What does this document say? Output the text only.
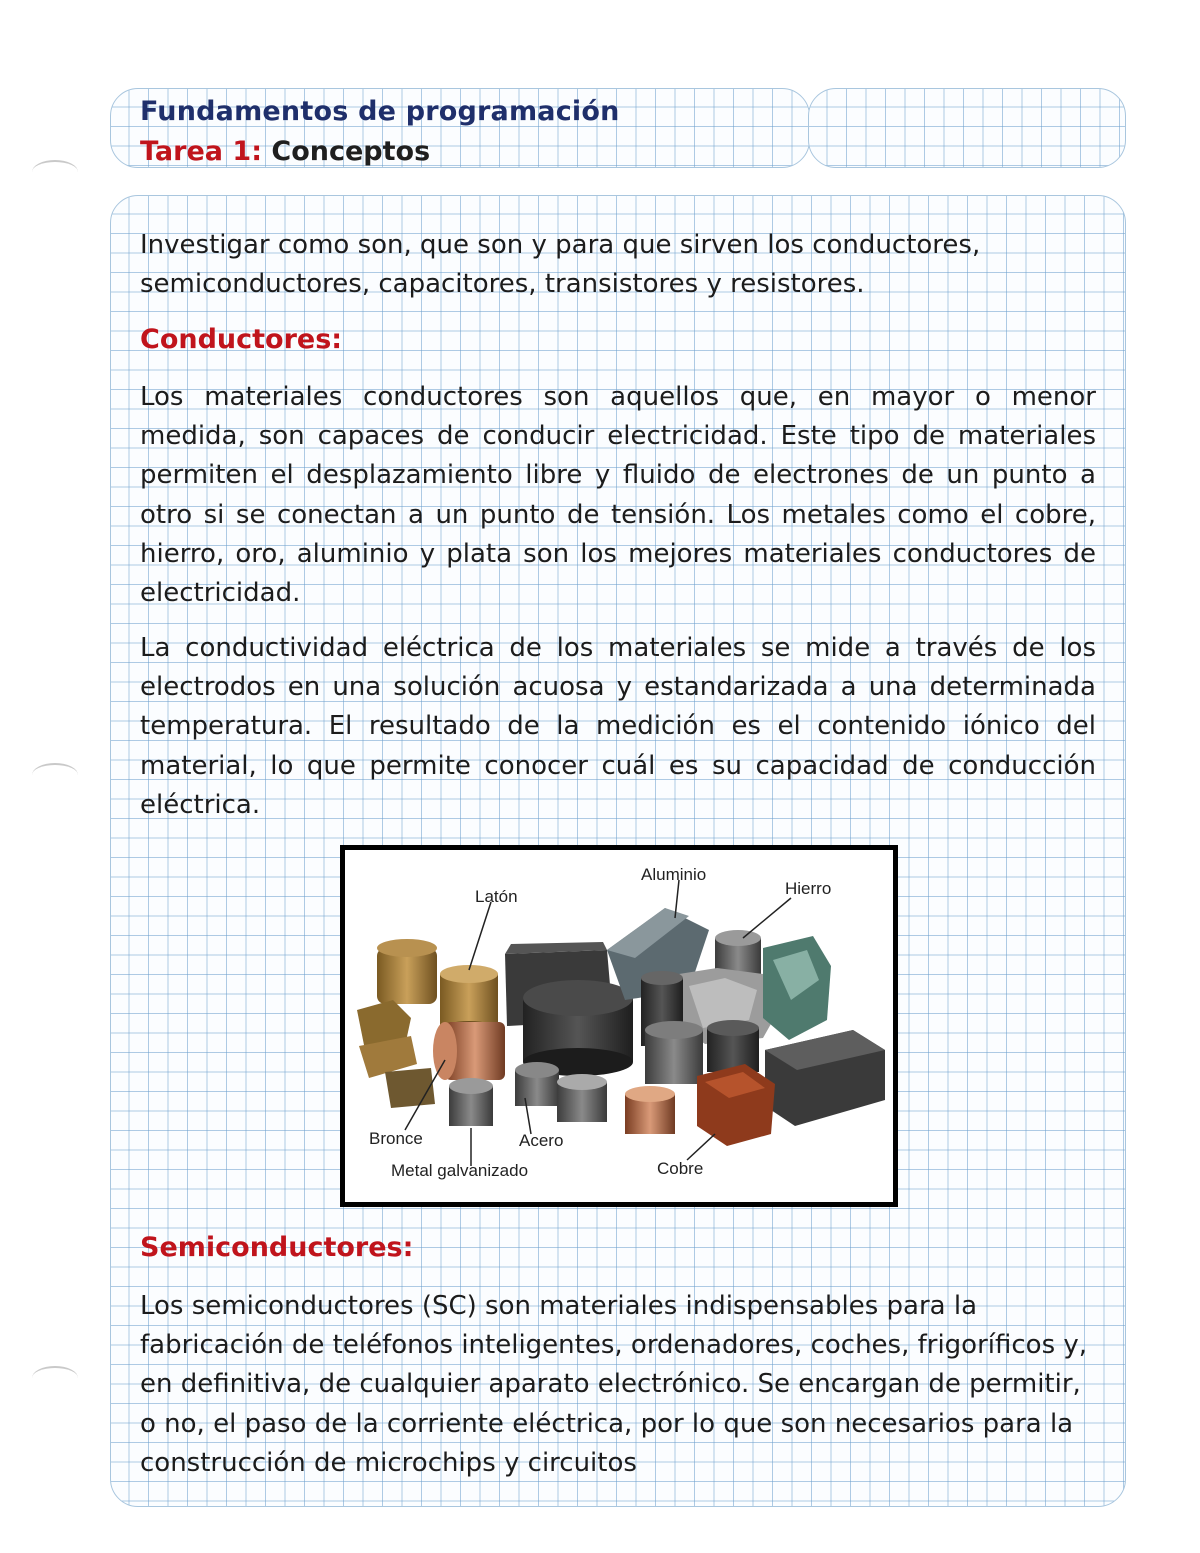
Fundamentos de programación
Tarea 1: Conceptos

Investigar como son, que son y para que sirven los conductores, semiconductores, capacitores, transistores y resistores.

Conductores:

Los materiales conductores son aquellos que, en mayor o menor medida, son capaces de conducir electricidad. Este tipo de materiales permiten el desplazamiento libre y fluido de electrones de un punto a otro si se conectan a un punto de tensión. Los metales como el cobre, hierro, oro, aluminio y plata son los mejores materiales conductores de electricidad.

La conductividad eléctrica de los materiales se mide a través de los electrodos en una solución acuosa y estandarizada a una determinada temperatura. El resultado de la medición es el contenido iónico del material, lo que permite conocer cuál es su capacidad de conducción eléctrica.

Latón
Aluminio
Hierro
Bronce	Acero
Metal galvanizado	Cobre

Semiconductores:

Los semiconductores (SC) son materiales indispensables para la fabricación de teléfonos inteligentes, ordenadores, coches, frigoríficos y, en definitiva, de cualquier aparato electrónico. Se encargan de permitir, o no, el paso de la corriente eléctrica, por lo que son necesarios para la construcción de microchips y circuitos
